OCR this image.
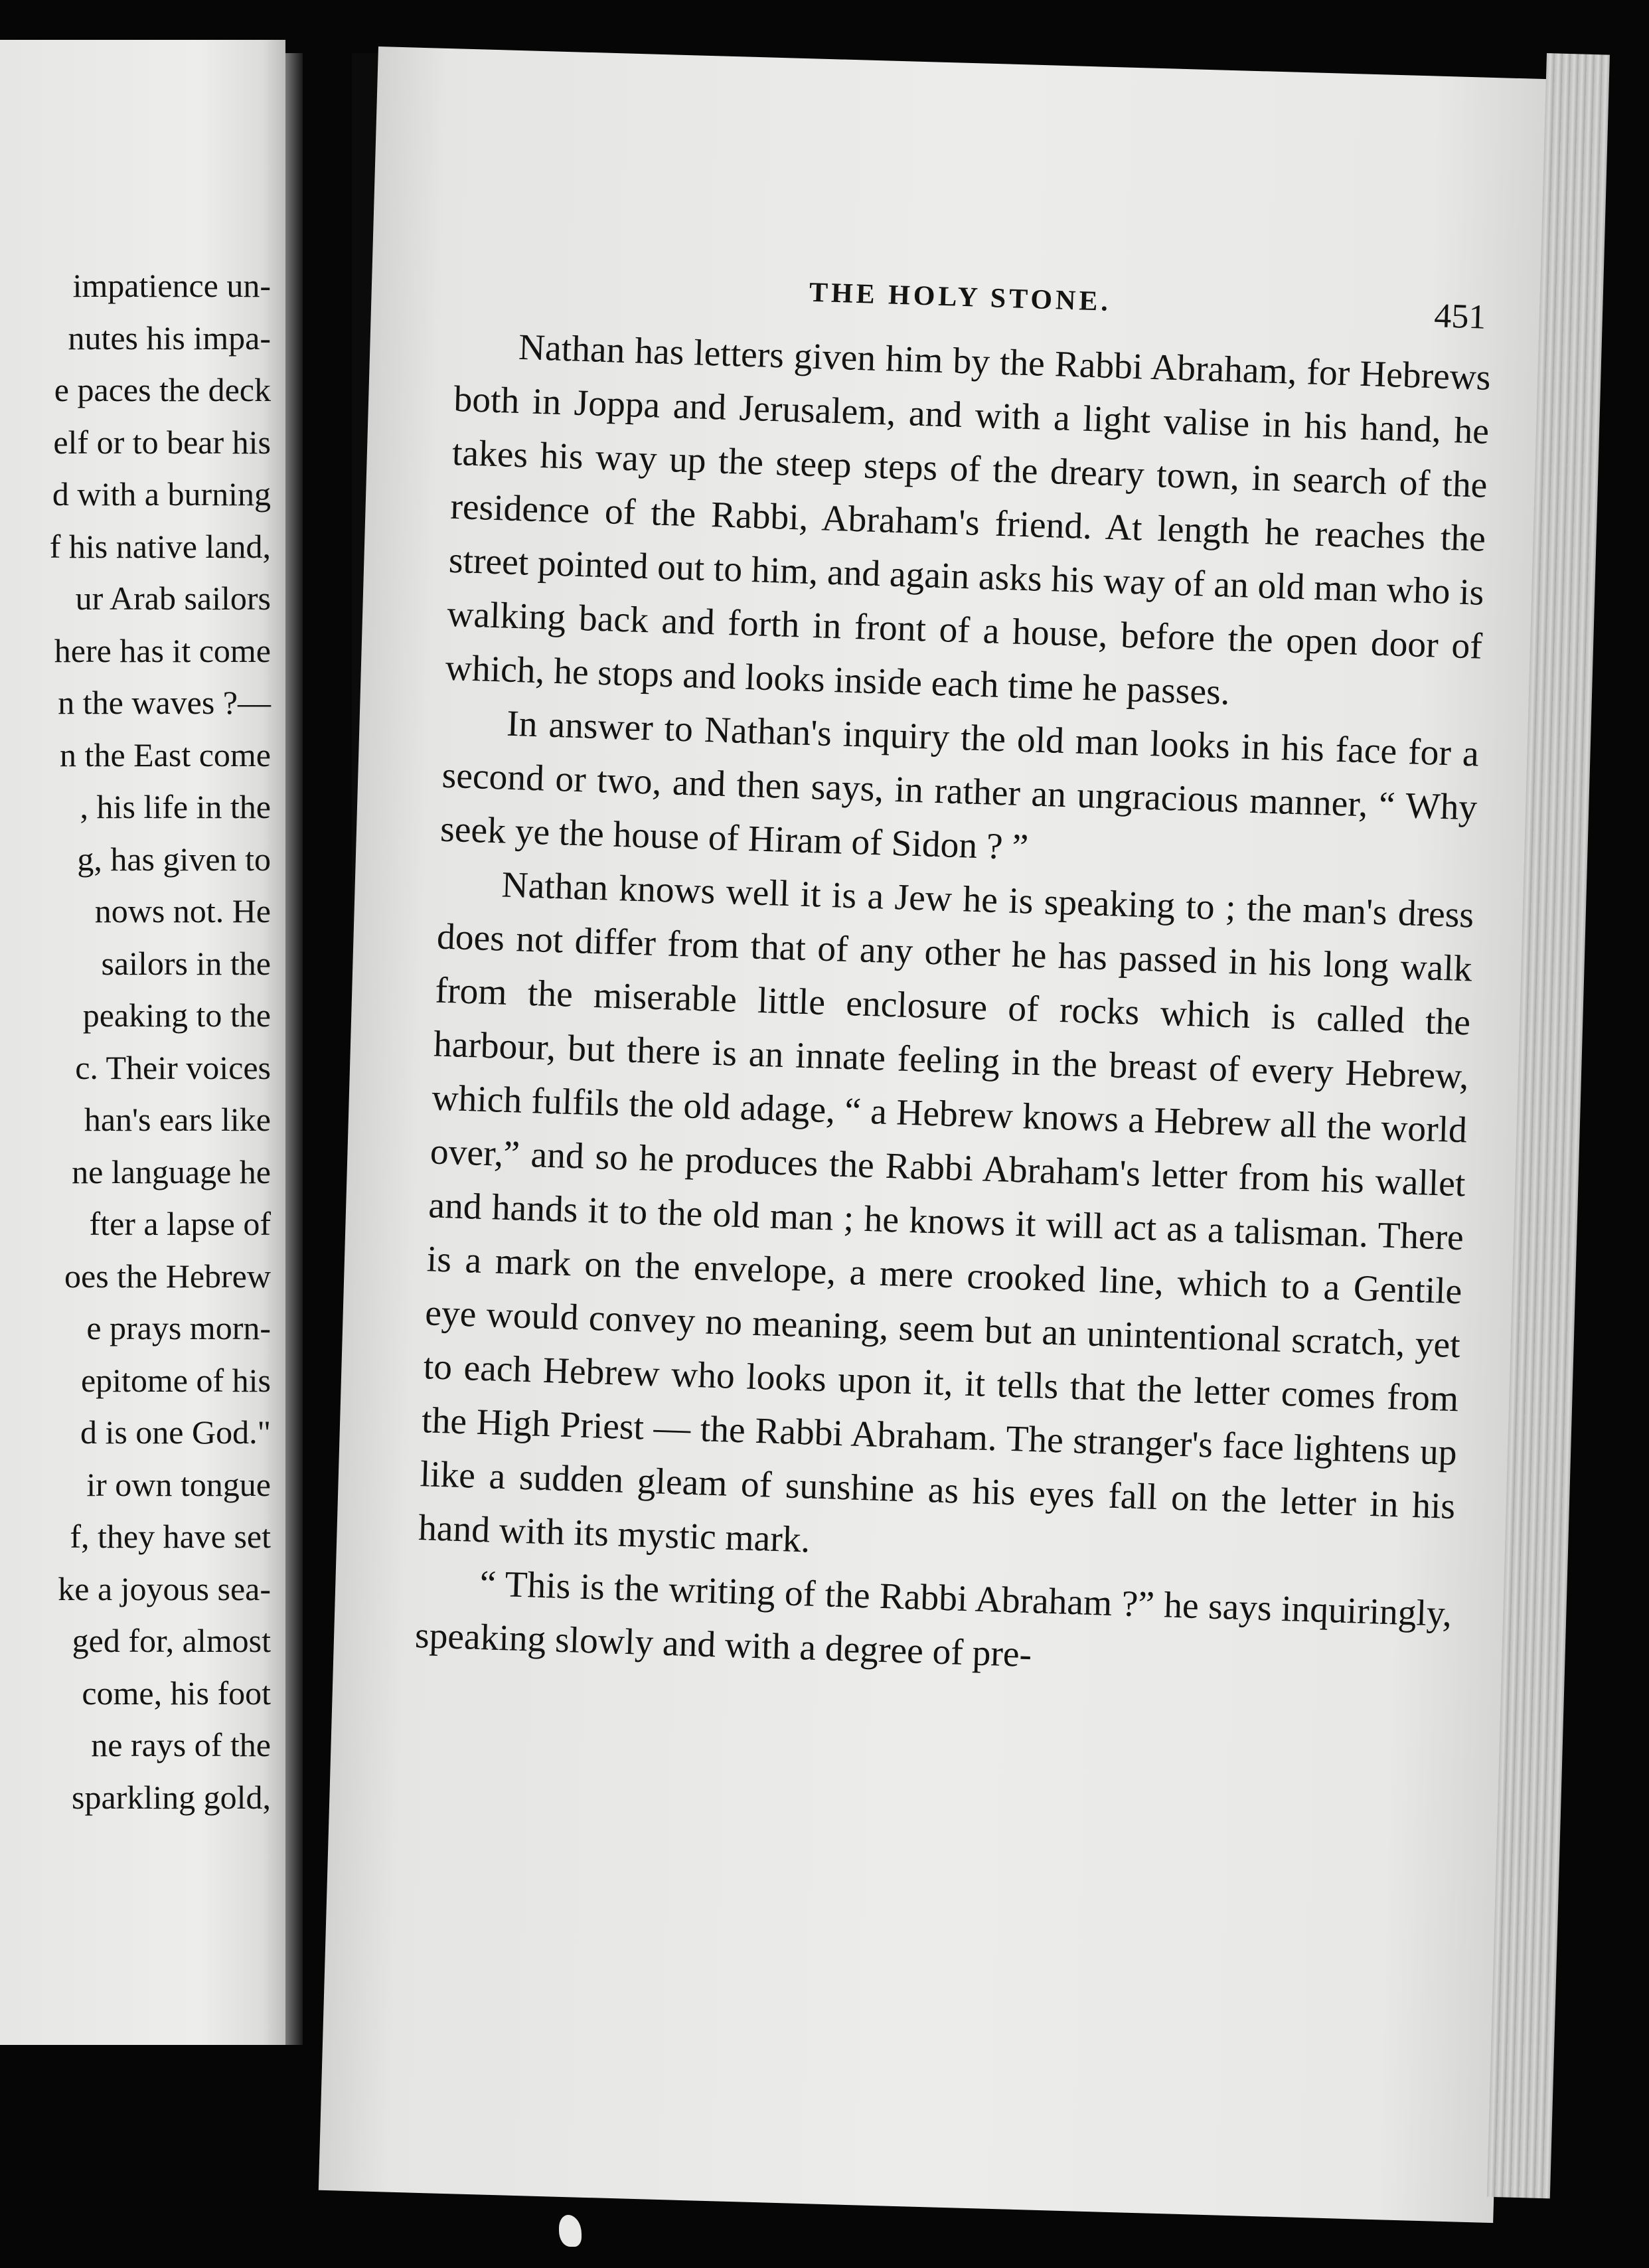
impatience un-
nutes his impa-
e paces the deck
elf or to bear his
d with a burning
f his native land,
ur Arab sailors
here has it come
n the waves ?—
n the East come
, his life in the
g, has given to
nows not. He
sailors in the
peaking to the
c. Their voices
han's ears like
ne language he
fter a lapse of
oes the Hebrew
e prays morn-
epitome of his
d is one God."
ir own tongue
f, they have set
ke a joyous sea-
ged for, almost
come, his foot
ne rays of the
sparkling gold,
THE HOLY STONE.	451

Nathan has letters given him by the Rabbi Abraham, for Hebrews both in Joppa and Jerusalem, and with a light valise in his hand, he takes his way up the steep steps of the dreary town, in search of the residence of the Rabbi, Abraham's friend. At length he reaches the street pointed out to him, and again asks his way of an old man who is walking back and forth in front of a house, before the open door of which, he stops and looks inside each time he passes.

In answer to Nathan's inquiry the old man looks in his face for a second or two, and then says, in rather an ungracious manner, “ Why seek ye the house of Hiram of Sidon ? ”

Nathan knows well it is a Jew he is speaking to ; the man's dress does not differ from that of any other he has passed in his long walk from the miserable little enclosure of rocks which is called the harbour, but there is an innate feeling in the breast of every Hebrew, which fulfils the old adage, “ a Hebrew knows a Hebrew all the world over,” and so he produces the Rabbi Abraham's letter from his wallet and hands it to the old man ; he knows it will act as a talisman. There is a mark on the envelope, a mere crooked line, which to a Gentile eye would convey no meaning, seem but an unintentional scratch, yet to each Hebrew who looks upon it, it tells that the letter comes from the High Priest — the Rabbi Abraham. The stranger's face lightens up like a sudden gleam of sunshine as his eyes fall on the letter in his hand with its mystic mark.

“ This is the writing of the Rabbi Abraham ?” he says inquiringly, speaking slowly and with a degree of pre-
